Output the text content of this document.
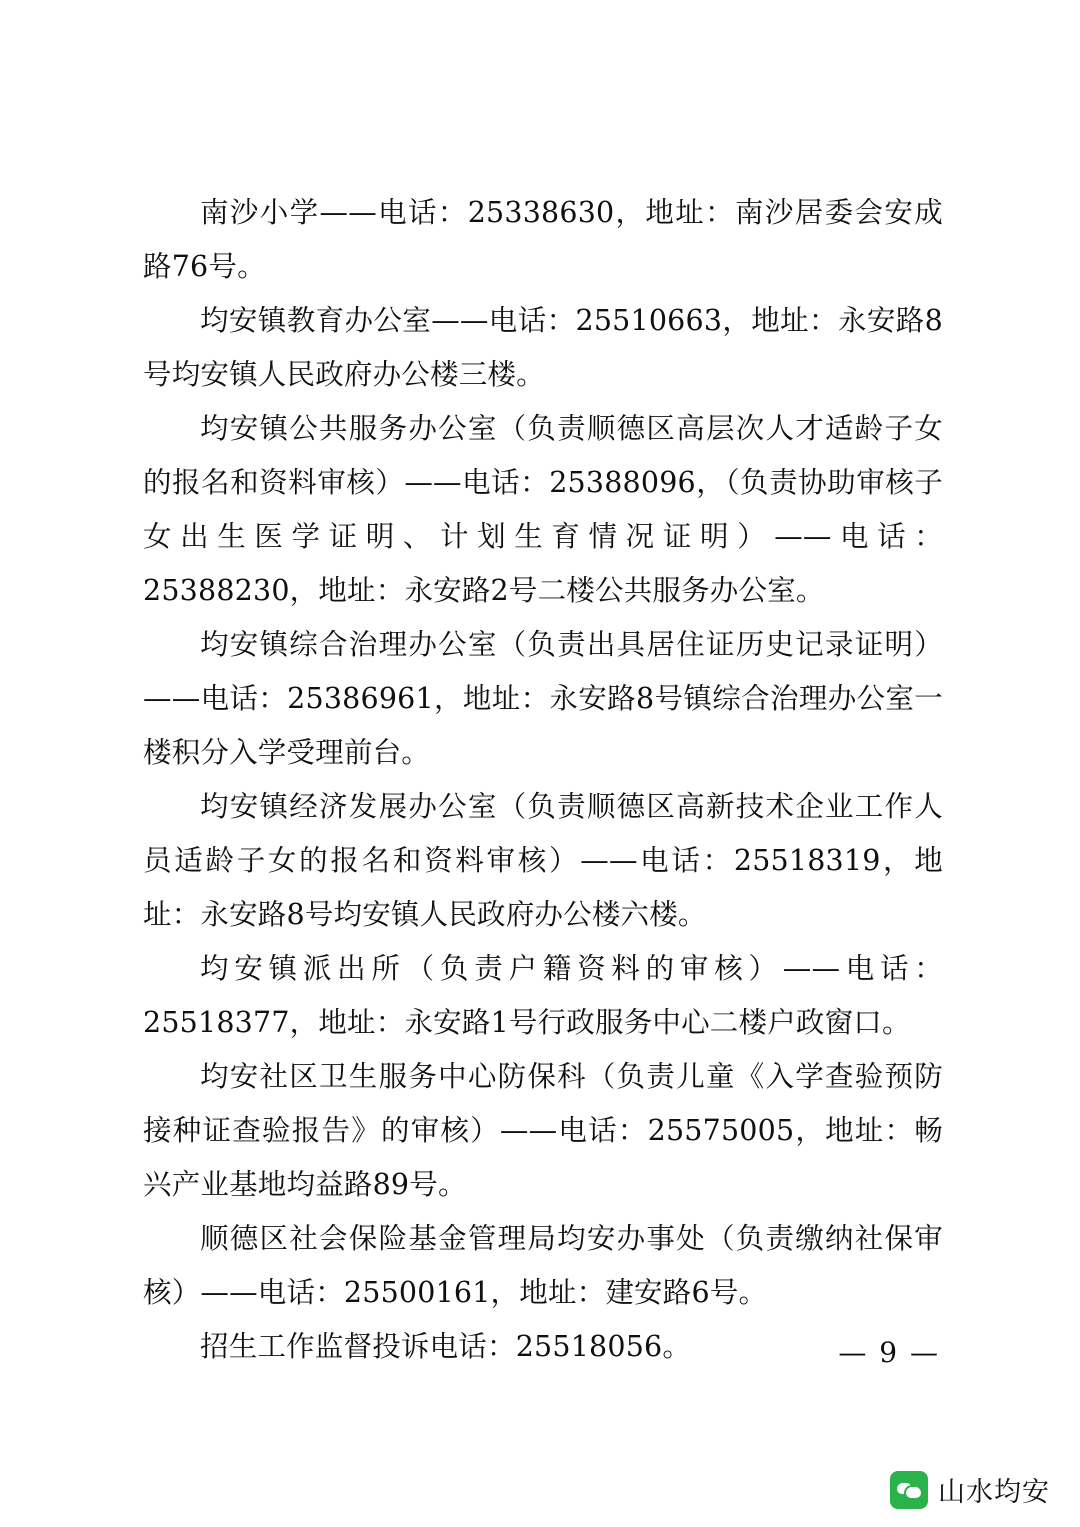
南沙小学——电话：25338630，地址：南沙居委会安成路76号。

均安镇教育办公室——电话：25510663，地址：永安路8号均安镇人民政府办公楼三楼。

均安镇公共服务办公室（负责顺德区高层次人才适龄子女的报名和资料审核）——电话：25388096，（负责协助审核子女出生医学证明、计划生育情况证明）——电话：25388230，地址：永安路2号二楼公共服务办公室。

均安镇综合治理办公室（负责出具居住证历史记录证明）——电话：25386961，地址：永安路8号镇综合治理办公室一楼积分入学受理前台。

均安镇经济发展办公室（负责顺德区高新技术企业工作人员适龄子女的报名和资料审核）——电话：25518319，地址：永安路8号均安镇人民政府办公楼六楼。

均安镇派出所（负责户籍资料的审核）——电话：25518377，地址：永安路1号行政服务中心二楼户政窗口。

均安社区卫生服务中心防保科（负责儿童《入学查验预防接种证查验报告》的审核）——电话：25575005，地址：畅兴产业基地均益路89号。

顺德区社会保险基金管理局均安办事处（负责缴纳社保审核）——电话：25500161，地址：建安路6号。

招生工作监督投诉电话：25518056。	— 9 —
山水均安
